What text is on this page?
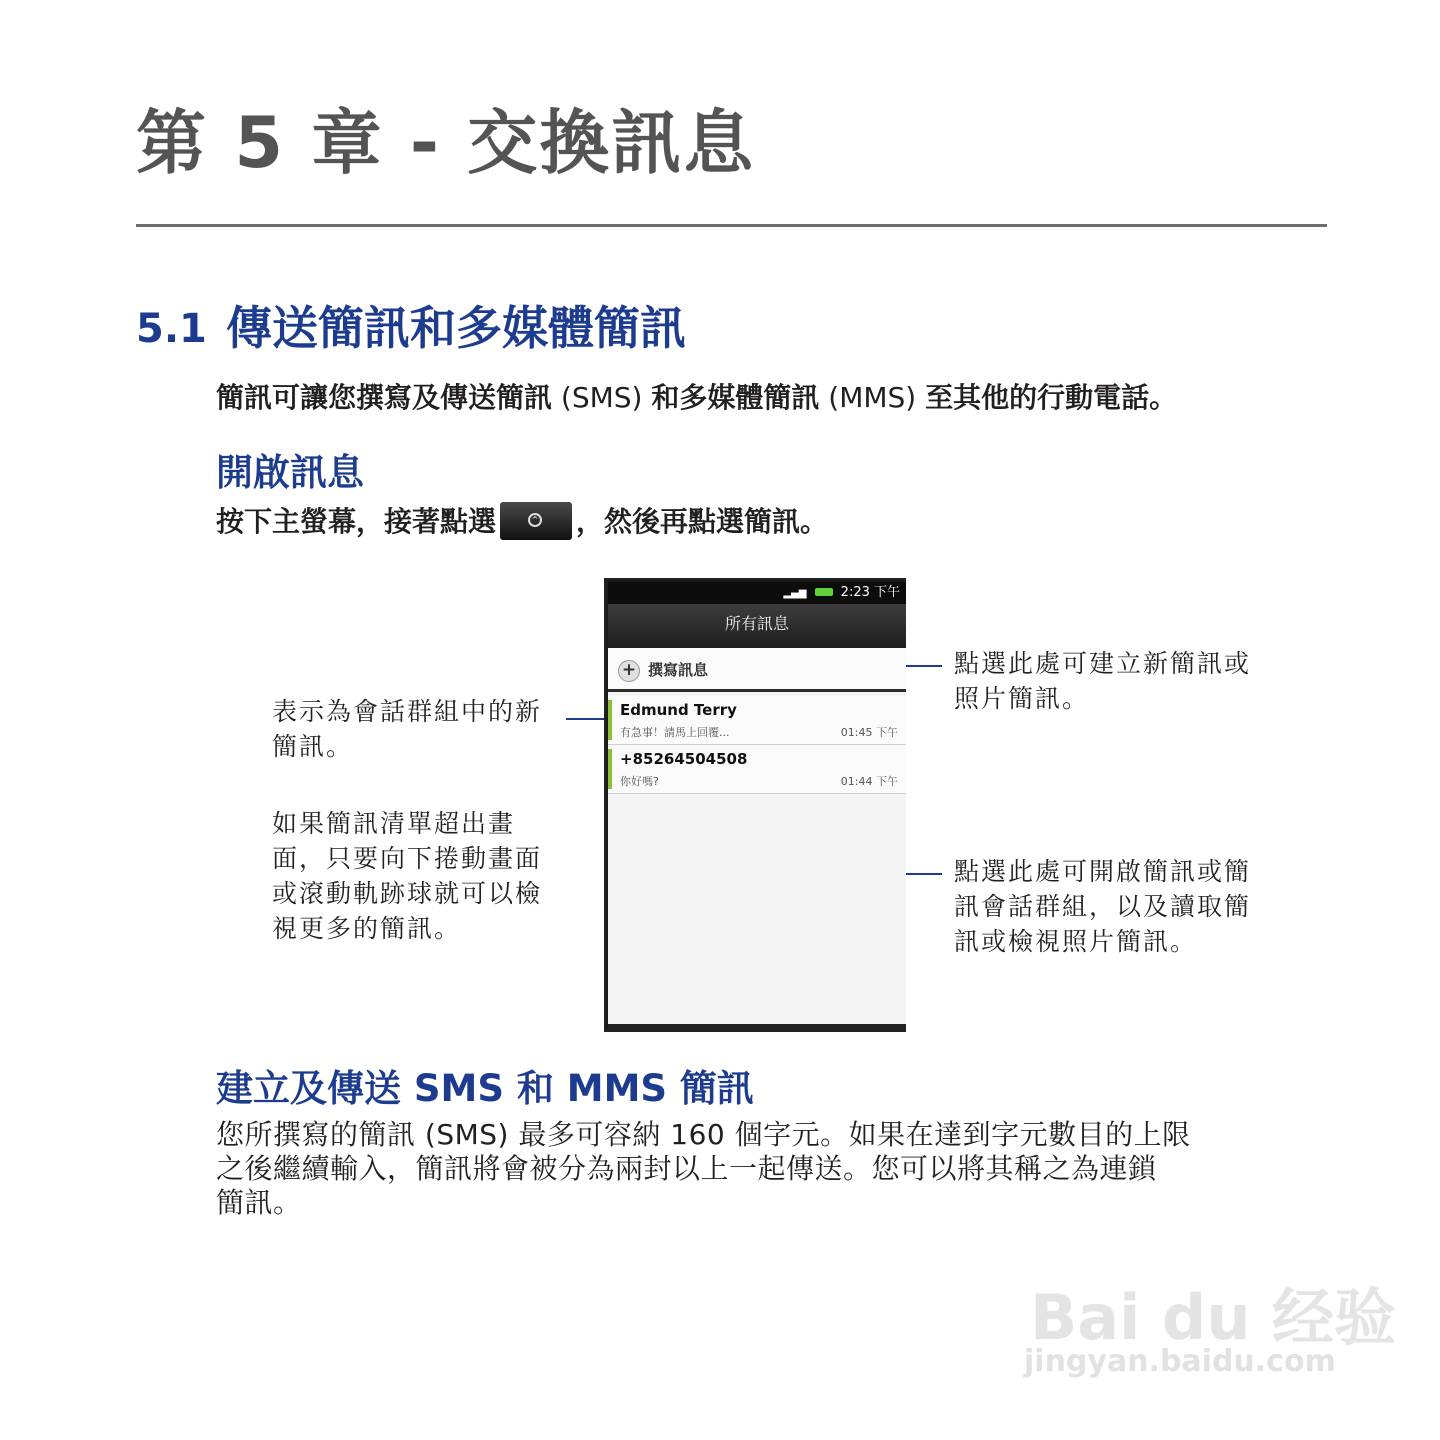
第 5 章 - 交換訊息
5.1 傳送簡訊和多媒體簡訊
簡訊可讓您撰寫及傳送簡訊 (SMS) 和多媒體簡訊 (MMS) 至其他的行動電話。
開啟訊息
按下主螢幕，接著點選	^ ，然後再點選簡訊。
表示為會話群組中的新
簡訊。
如果簡訊清單超出畫
面，只要向下捲動畫面
或滾動軌跡球就可以檢
視更多的簡訊。
點選此處可建立新簡訊或
照片簡訊。
點選此處可開啟簡訊或簡
訊會話群組，以及讀取簡
訊或檢視照片簡訊。
▂▄▆	2:23 下午
所有訊息
+ 撰寫訊息
Edmund Terry
有急事！請馬上回覆...	01:45 下午
+85264504508
你好嗎?	01:44 下午
建立及傳送 SMS 和 MMS 簡訊
您所撰寫的簡訊 (SMS) 最多可容納 160 個字元。如果在達到字元數目的上限
之後繼續輸入，簡訊將會被分為兩封以上一起傳送。您可以將其稱之為連鎖
簡訊。
Bai du 经验
jingyan.baidu.com
